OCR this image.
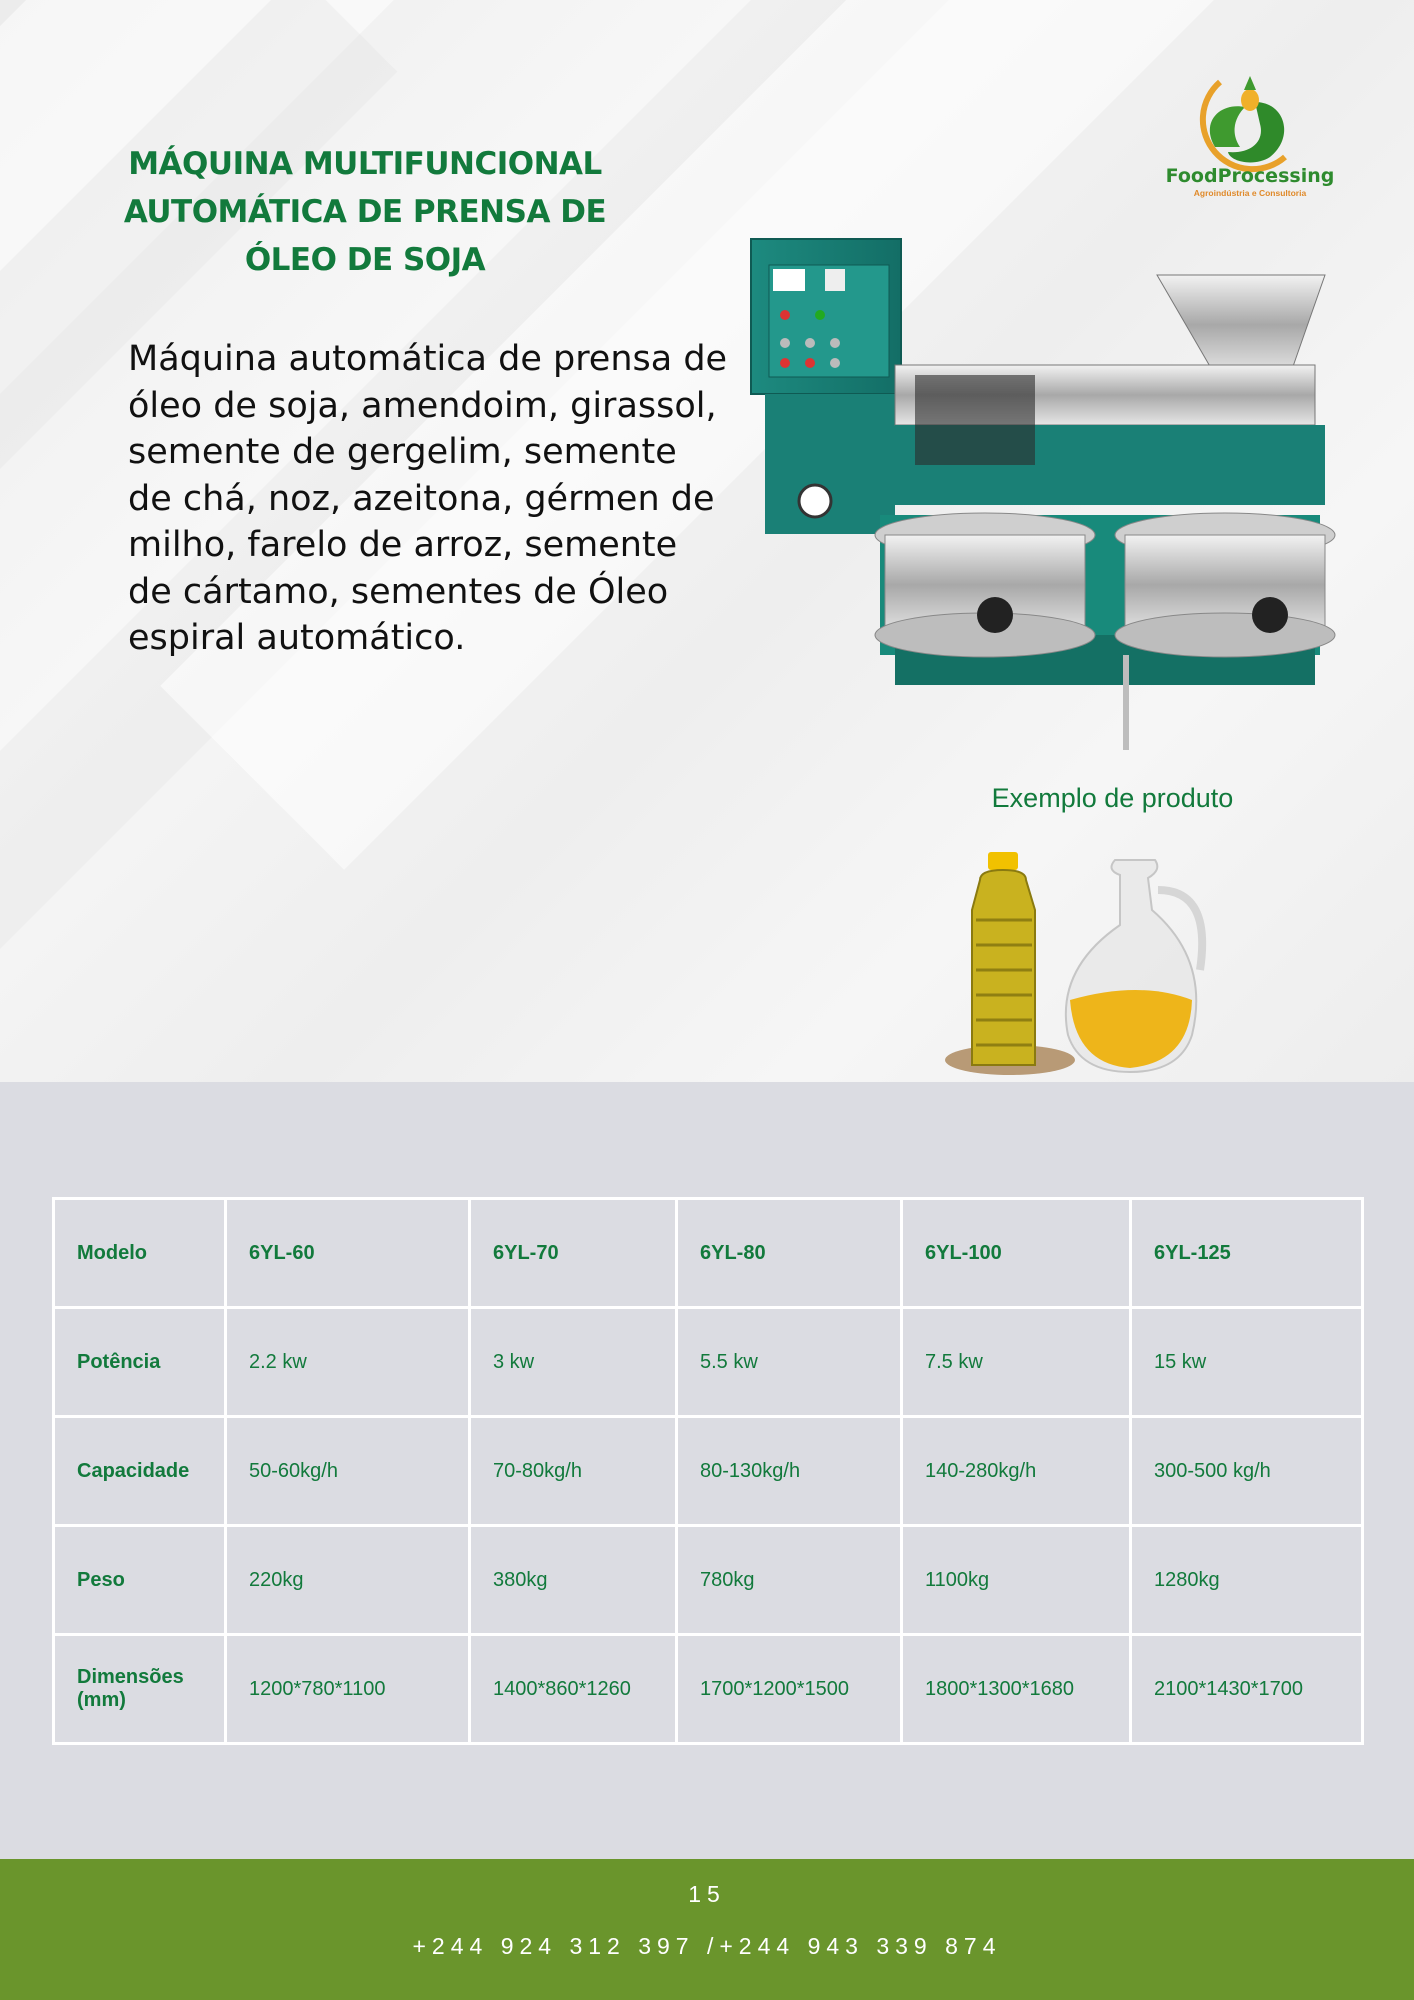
MÁQUINA MULTIFUNCIONAL AUTOMÁTICA DE PRENSA DE ÓLEO DE SOJA
Máquina automática de prensa de óleo de soja, amendoim, girassol, semente de gergelim, semente de chá, noz, azeitona, gérmen de milho, farelo de arroz, semente de cártamo, sementes de Óleo espiral automático.
FoodProcessing
Agroindústria e Consultoria
Exemplo de produto
Modelo	6YL-60	6YL-70	6YL-80	6YL-100	6YL-125
Potência	2.2 kw	3 kw	5.5 kw	7.5 kw	15 kw
Capacidade	50-60kg/h	70-80kg/h	80-130kg/h	140-280kg/h	300-500 kg/h
Peso	220kg	380kg	780kg	1100kg	1280kg
Dimensões (mm)	1200*780*1100	1400*860*1260	1700*1200*1500	1800*1300*1680	2100*1430*1700
15
+244 924 312 397 /+244 943 339 874
